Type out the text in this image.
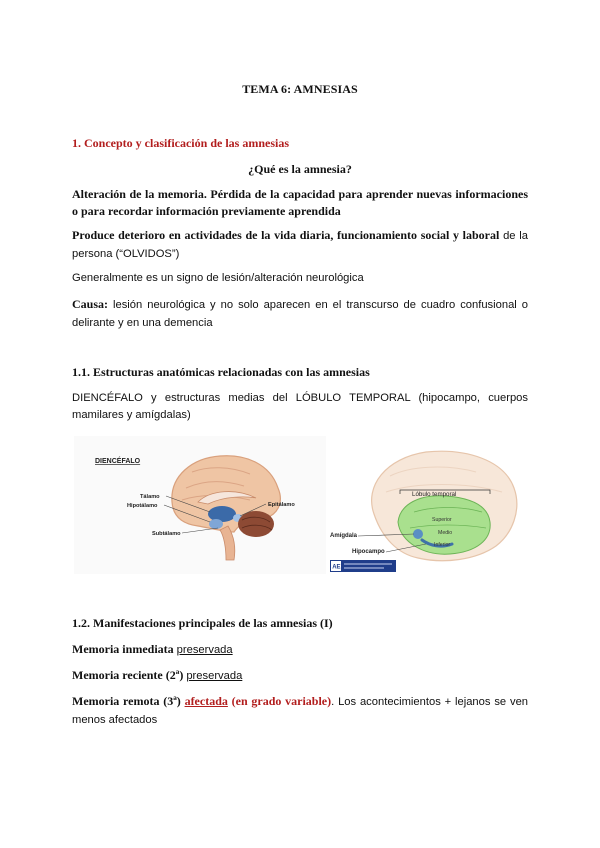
TEMA 6: AMNESIAS
1. Concepto y clasificación de las amnesias
¿Qué es la amnesia?
Alteración de la memoria. Pérdida de la capacidad para aprender nuevas informaciones o para recordar información previamente aprendida
Produce deterioro en actividades de la vida diaria, funcionamiento social y laboral de la persona (“OLVIDOS”)
Generalmente es un signo de lesión/alteración neurológica
Causa: lesión neurológica y no solo aparecen en el transcurso de cuadro confusional o delirante y en una demencia
1.1. Estructuras anatómicas relacionadas con las amnesias
DIENCÉFALO y estructuras medias del LÓBULO TEMPORAL (hipocampo, cuerpos mamilares y amígdalas)
DIENCÉFALO
Tálamo
Hipotálamo	Epitálamo
Subtálamo
Lóbulo temporal
Superior
Medio
Inferior
Amígdala
Hipocampo
AE
1.2. Manifestaciones principales de las amnesias (I)
Memoria inmediata preservada
Memoria reciente (2ª) preservada
Memoria remota (3ª) afectada (en grado variable). Los acontecimientos + lejanos se ven menos afectados
